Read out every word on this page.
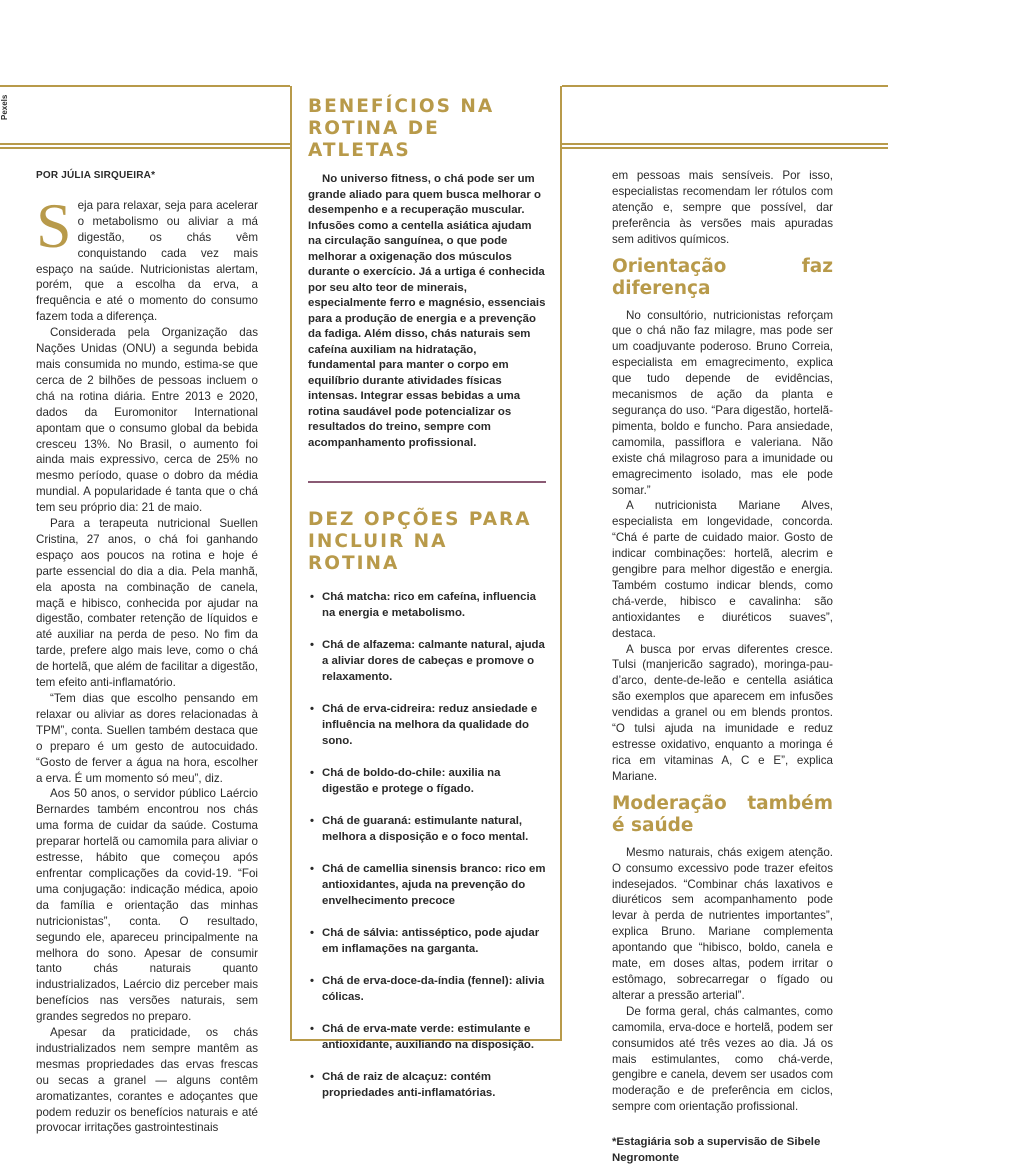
Pexels
POR JÚLIA SIRQUEIRA*

Seja para relaxar, seja para acelerar o metabolismo ou aliviar a má digestão, os chás vêm conquistando cada vez mais espaço na saúde. Nutricionistas alertam, porém, que a escolha da erva, a frequência e até o momento do consumo fazem toda a diferença.

Considerada pela Organização das Nações Unidas (ONU) a segunda bebida mais consumida no mundo, estima-se que cerca de 2 bilhões de pessoas incluem o chá na rotina diária. Entre 2013 e 2020, dados da Euromonitor International apontam que o consumo global da bebida cresceu 13%. No Brasil, o aumento foi ainda mais expressivo, cerca de 25% no mesmo período, quase o dobro da média mundial. A popularidade é tanta que o chá tem seu próprio dia: 21 de maio.

Para a terapeuta nutricional Suellen Cristina, 27 anos, o chá foi ganhando espaço aos poucos na rotina e hoje é parte essencial do dia a dia. Pela manhã, ela aposta na combinação de canela, maçã e hibisco, conhecida por ajudar na digestão, combater retenção de líquidos e até auxiliar na perda de peso. No fim da tarde, prefere algo mais leve, como o chá de hortelã, que além de facilitar a digestão, tem efeito anti-inflamatório.

“Tem dias que escolho pensando em relaxar ou aliviar as dores relacionadas à TPM”, conta. Suellen também destaca que o preparo é um gesto de autocuidado. “Gosto de ferver a água na hora, escolher a erva. É um momento só meu”, diz.

Aos 50 anos, o servidor público Laércio Bernardes também encontrou nos chás uma forma de cuidar da saúde. Costuma preparar hortelã ou camomila para aliviar o estresse, hábito que começou após enfrentar complicações da covid-19. “Foi uma conjugação: indicação médica, apoio da família e orientação das minhas nutricionistas”, conta. O resultado, segundo ele, apareceu principalmente na melhora do sono. Apesar de consumir tanto chás naturais quanto industrializados, Laércio diz perceber mais benefícios nas versões naturais, sem grandes segredos no preparo.

Apesar da praticidade, os chás industrializados nem sempre mantêm as mesmas propriedades das ervas frescas ou secas a granel — alguns contêm aromatizantes, corantes e adoçantes que podem reduzir os benefícios naturais e até provocar irritações gastrointestinais

BENEFÍCIOS NA ROTINA DE ATLETAS

No universo fitness, o chá pode ser um grande aliado para quem busca melhorar o desempenho e a recuperação muscular. Infusões como a centella asiática ajudam na circulação sanguínea, o que pode melhorar a oxigenação dos músculos durante o exercício. Já a urtiga é conhecida por seu alto teor de minerais, especialmente ferro e magnésio, essenciais para a produção de energia e a prevenção da fadiga. Além disso, chás naturais sem cafeína auxiliam na hidratação, fundamental para manter o corpo em equilíbrio durante atividades físicas intensas. Integrar essas bebidas a uma rotina saudável pode potencializar os resultados do treino, sempre com acompanhamento profissional.

DEZ OPÇÕES PARA INCLUIR NA ROTINA
• Chá matcha: rico em cafeína, influencia na energia e metabolismo.
• Chá de alfazema: calmante natural, ajuda a aliviar dores de cabeças e promove o relaxamento.
• Chá de erva-cidreira: reduz ansiedade e influência na melhora da qualidade do sono.
• Chá de boldo-do-chile: auxilia na digestão e protege o fígado.
• Chá de guaraná: estimulante natural, melhora a disposição e o foco mental.
• Chá de camellia sinensis branco: rico em antioxidantes, ajuda na prevenção do envelhecimento precoce
• Chá de sálvia: antisséptico, pode ajudar em inflamações na garganta.
• Chá de erva-doce-da-índia (fennel): alivia cólicas.
• Chá de erva-mate verde: estimulante e antioxidante, auxiliando na disposição.
• Chá de raiz de alcaçuz: contém propriedades anti-inflamatórias.

em pessoas mais sensíveis. Por isso, especialistas recomendam ler rótulos com atenção e, sempre que possível, dar preferência às versões mais apuradas sem aditivos químicos.

Orientação faz diferença

No consultório, nutricionistas reforçam que o chá não faz milagre, mas pode ser um coadjuvante poderoso. Bruno Correia, especialista em emagrecimento, explica que tudo depende de evidências, mecanismos de ação da planta e segurança do uso. “Para digestão, hortelã-pimenta, boldo e funcho. Para ansiedade, camomila, passiflora e valeriana. Não existe chá milagroso para a imunidade ou emagrecimento isolado, mas ele pode somar.”

A nutricionista Mariane Alves, especialista em longevidade, concorda. “Chá é parte de cuidado maior. Gosto de indicar combinações: hortelã, alecrim e gengibre para melhor digestão e energia. Também costumo indicar blends, como chá-verde, hibisco e cavalinha: são antioxidantes e diuréticos suaves”, destaca.

A busca por ervas diferentes cresce. Tulsi (manjericão sagrado), moringa-pau-d’arco, dente-de-leão e centella asiática são exemplos que aparecem em infusões vendidas a granel ou em blends prontos. “O tulsi ajuda na imunidade e reduz estresse oxidativo, enquanto a moringa é rica em vitaminas A, C e E”, explica Mariane.

Moderação também é saúde

Mesmo naturais, chás exigem atenção. O consumo excessivo pode trazer efeitos indesejados. “Combinar chás laxativos e diuréticos sem acompanhamento pode levar à perda de nutrientes importantes”, explica Bruno. Mariane complementa apontando que “hibisco, boldo, canela e mate, em doses altas, podem irritar o estômago, sobrecarregar o fígado ou alterar a pressão arterial”.

De forma geral, chás calmantes, como camomila, erva-doce e hortelã, podem ser consumidos até três vezes ao dia. Já os mais estimulantes, como chá-verde, gengibre e canela, devem ser usados com moderação e de preferência em ciclos, sempre com orientação profissional.

*Estagiária sob a supervisão de Sibele Negromonte
